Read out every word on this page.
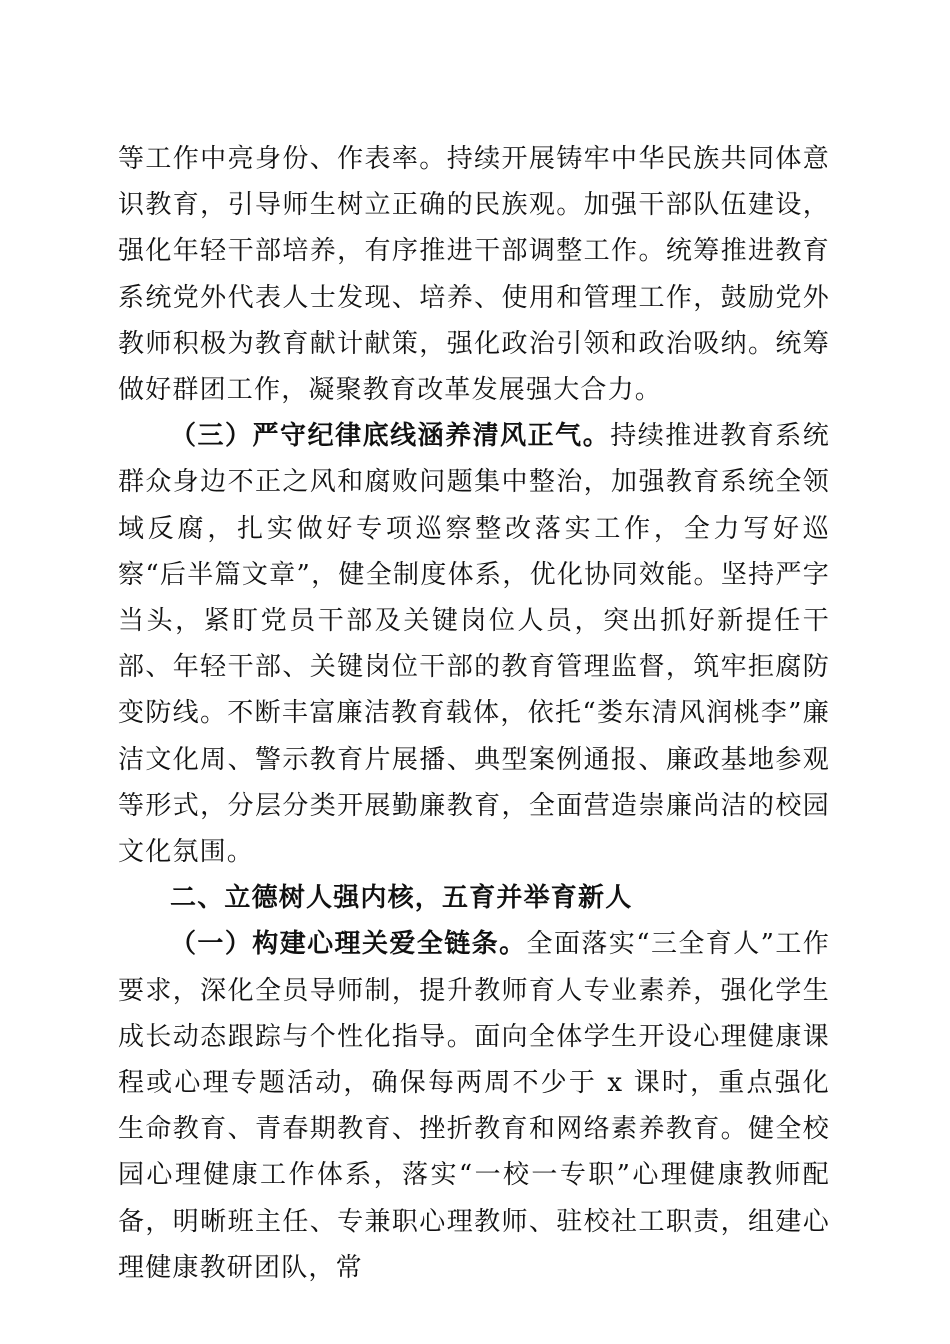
等工作中亮身份、作表率。持续开展铸牢中华民族共同体意识教育，引导师生树立正确的民族观。加强干部队伍建设，强化年轻干部培养，有序推进干部调整工作。统筹推进教育系统党外代表人士发现、培养、使用和管理工作，鼓励党外教师积极为教育献计献策，强化政治引领和政治吸纳。统筹做好群团工作，凝聚教育改革发展强大合力。

（三）严守纪律底线涵养清风正气。持续推进教育系统群众身边不正之风和腐败问题集中整治，加强教育系统全领域反腐，扎实做好专项巡察整改落实工作，全力写好巡察“后半篇文章”，健全制度体系，优化协同效能。坚持严字当头，紧盯党员干部及关键岗位人员，突出抓好新提任干部、年轻干部、关键岗位干部的教育管理监督，筑牢拒腐防变防线。不断丰富廉洁教育载体，依托“娄东清风润桃李”廉洁文化周、警示教育片展播、典型案例通报、廉政基地参观等形式，分层分类开展勤廉教育，全面营造崇廉尚洁的校园文化氛围。

二、立德树人强内核，五育并举育新人

（一）构建心理关爱全链条。全面落实“三全育人”工作要求，深化全员导师制，提升教师育人专业素养，强化学生成长动态跟踪与个性化指导。面向全体学生开设心理健康课程或心理专题活动，确保每两周不少于 x 课时，重点强化生命教育、青春期教育、挫折教育和网络素养教育。健全校园心理健康工作体系，落实“一校一专职”心理健康教师配备，明晰班主任、专兼职心理教师、驻校社工职责，组建心理健康教研团队，常
